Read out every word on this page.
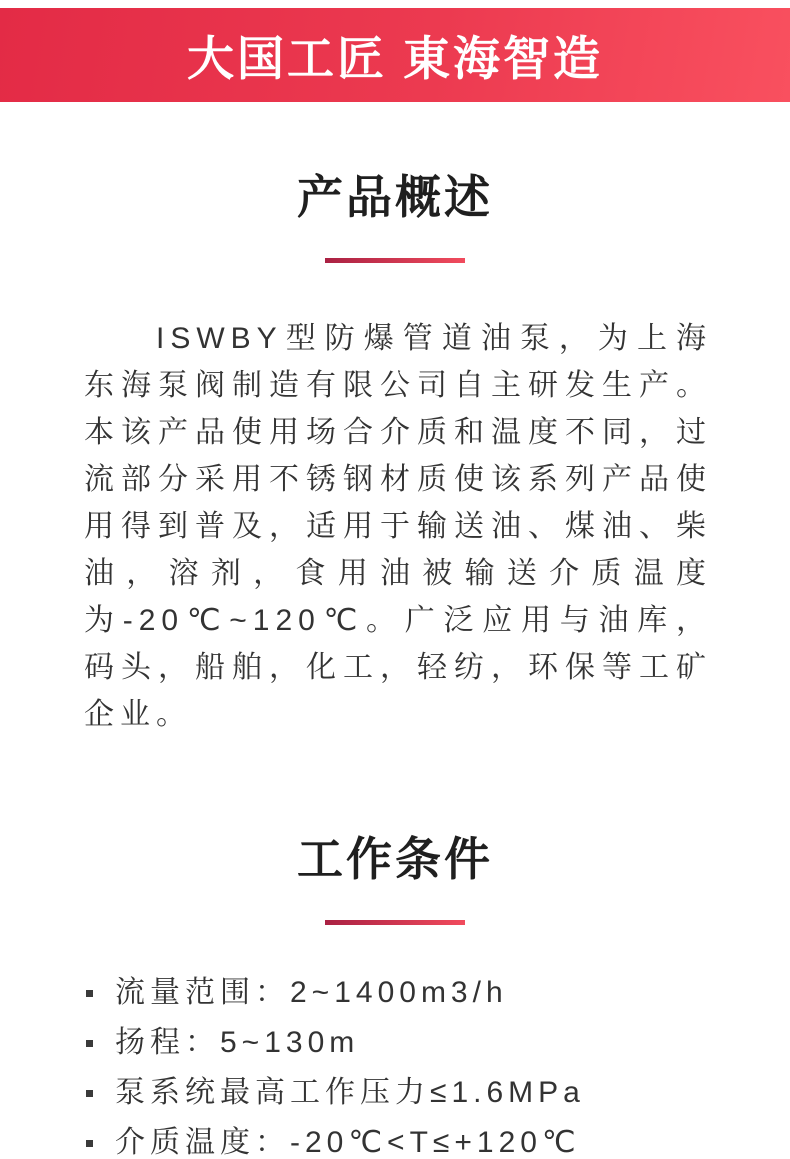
大国工匠 東海智造
产品概述

ISWBY型防爆管道油泵，为上海东海泵阀制造有限公司自主研发生产。本该产品使用场合介质和温度不同，过流部分采用不锈钢材质使该系列产品使用得到普及，适用于输送油、煤油、柴油，溶剂，食用油被输送介质温度为-20℃~120℃。广泛应用与油库，码头，船舶，化工，轻纺，环保等工矿企业。

工作条件
流量范围：2~1400m3/h
扬程：5~130m
泵系统最高工作压力≤1.6MPa
介质温度：-20℃<T≤+120℃
